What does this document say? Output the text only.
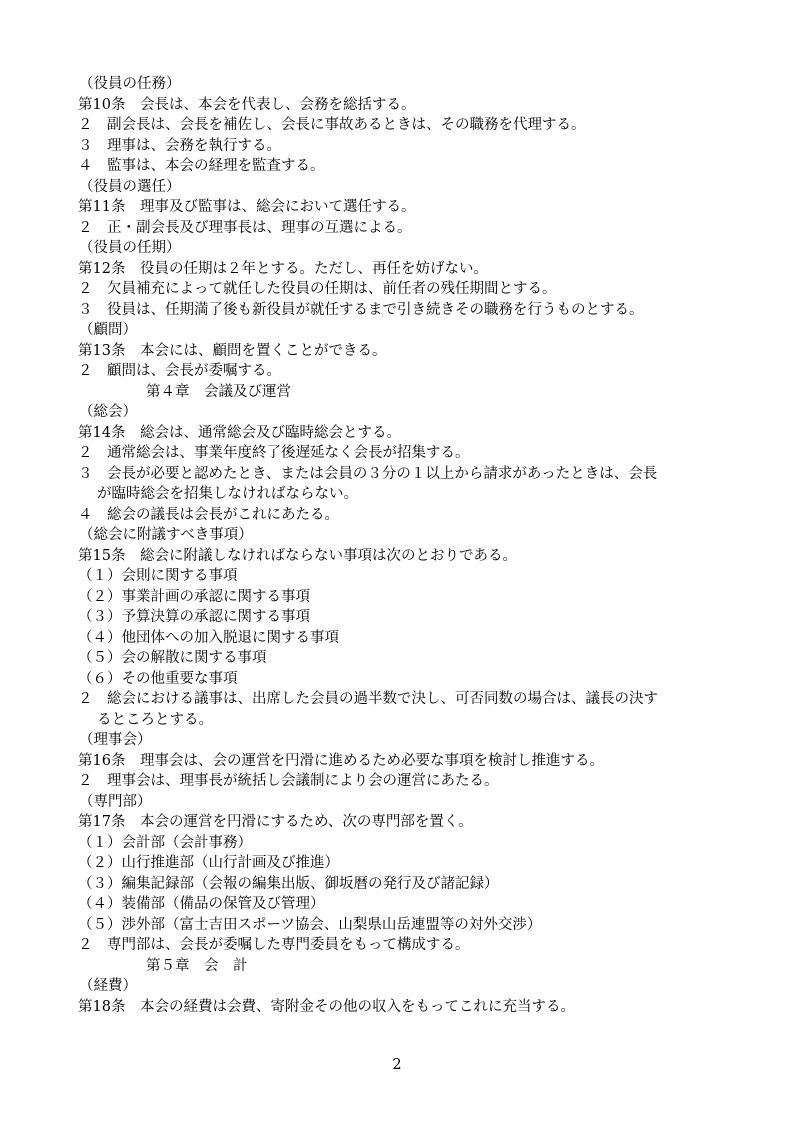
（役員の任務）

第10条　会長は、本会を代表し、会務を総括する。

２　副会長は、会長を補佐し、会長に事故あるときは、その職務を代理する。

３　理事は、会務を執行する。

４　監事は、本会の経理を監査する。

（役員の選任）

第11条　理事及び監事は、総会において選任する。

２　正・副会長及び理事長は、理事の互選による。

（役員の任期）

第12条　役員の任期は２年とする。ただし、再任を妨げない。

２　欠員補充によって就任した役員の任期は、前任者の残任期間とする。

３　役員は、任期満了後も新役員が就任するまで引き続きその職務を行うものとする。

（顧問）

第13条　本会には、顧問を置くことができる。

２　顧問は、会長が委嘱する。

第４章　会議及び運営

（総会）

第14条　総会は、通常総会及び臨時総会とする。

２　通常総会は、事業年度終了後遅延なく会長が招集する。

３　会長が必要と認めたとき、または会員の３分の１以上から請求があったときは、会長

が臨時総会を招集しなければならない。

４　総会の議長は会長がこれにあたる。

（総会に附議すべき事項）

第15条　総会に附議しなければならない事項は次のとおりである。

（１）会則に関する事項

（２）事業計画の承認に関する事項

（３）予算決算の承認に関する事項

（４）他団体への加入脱退に関する事項

（５）会の解散に関する事項

（６）その他重要な事項

２　総会における議事は、出席した会員の過半数で決し、可否同数の場合は、議長の決す

るところとする。

（理事会）

第16条　理事会は、会の運営を円滑に進めるため必要な事項を検討し推進する。

２　理事会は、理事長が統括し会議制により会の運営にあたる。

（専門部）

第17条　本会の運営を円滑にするため、次の専門部を置く。

（１）会計部（会計事務）

（２）山行推進部（山行計画及び推進）

（３）編集記録部（会報の編集出版、御坂暦の発行及び諸記録）

（４）装備部（備品の保管及び管理）

（５）渉外部（富士吉田スポーツ協会、山梨県山岳連盟等の対外交渉）

２　専門部は、会長が委嘱した専門委員をもって構成する。

第５章　会　計

（経費）

第18条　本会の経費は会費、寄附金その他の収入をもってこれに充当する。

2
